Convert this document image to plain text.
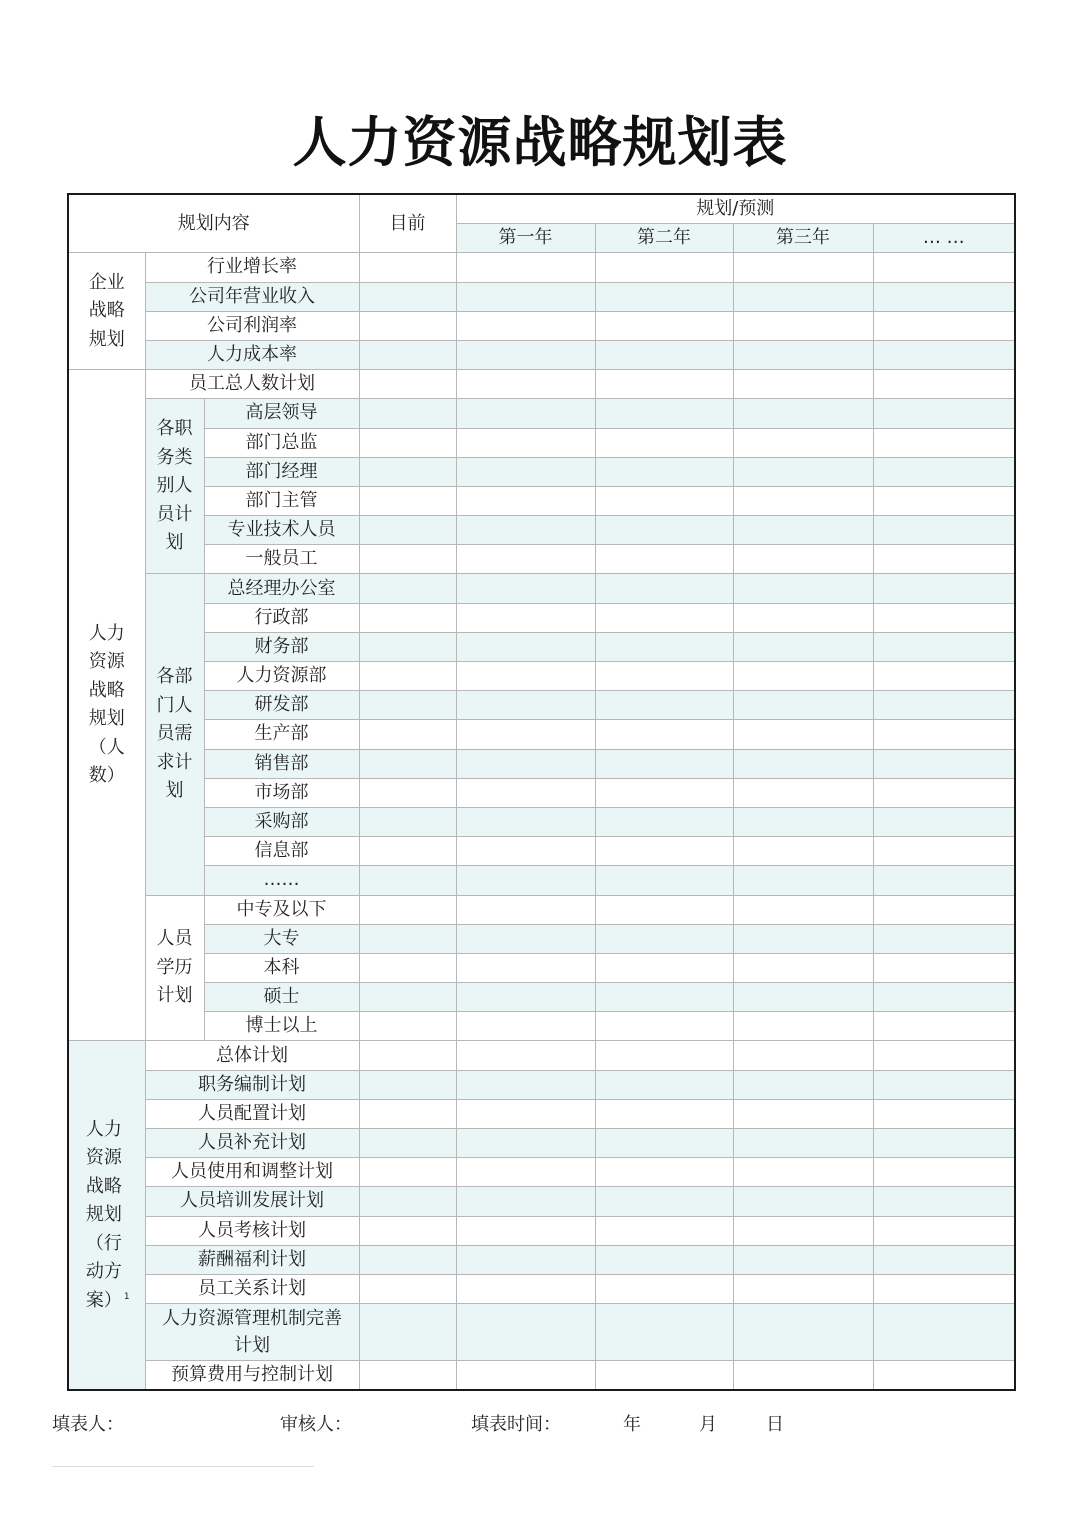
人力资源战略规划表
规划内容			目前	规划/预测			
				第一年	第二年	第三年	… …
企业战略规划	行业增长率						
	公司年营业收入						
	公司利润率						
	人力成本率						
人力资源战略规划（人数）	员工总人数计划						
	各职务类别人员计划	高层领导					
		部门总监					
		部门经理					
		部门主管					
		专业技术人员					
		一般员工					
	各部门人员需求计划	总经理办公室					
		行政部					
		财务部					
		人力资源部					
		研发部					
		生产部					
		销售部					
		市场部					
		采购部					
		信息部					
		……					
	人员学历计划	中专及以下					
		大专					
		本科					
		硕士					
		博士以上					
人力资源战略规划（行动方案） $^1$	总体计划						
	职务编制计划						
	人员配置计划						
	人员补充计划						
	人员使用和调整计划						
	人员培训发展计划						
	人员考核计划						
	薪酬福利计划						
	员工关系计划						
	人力资源管理机制完善计划						
	预算费用与控制计划						
填表人：	审核人：	填表时间：	年	月	日
